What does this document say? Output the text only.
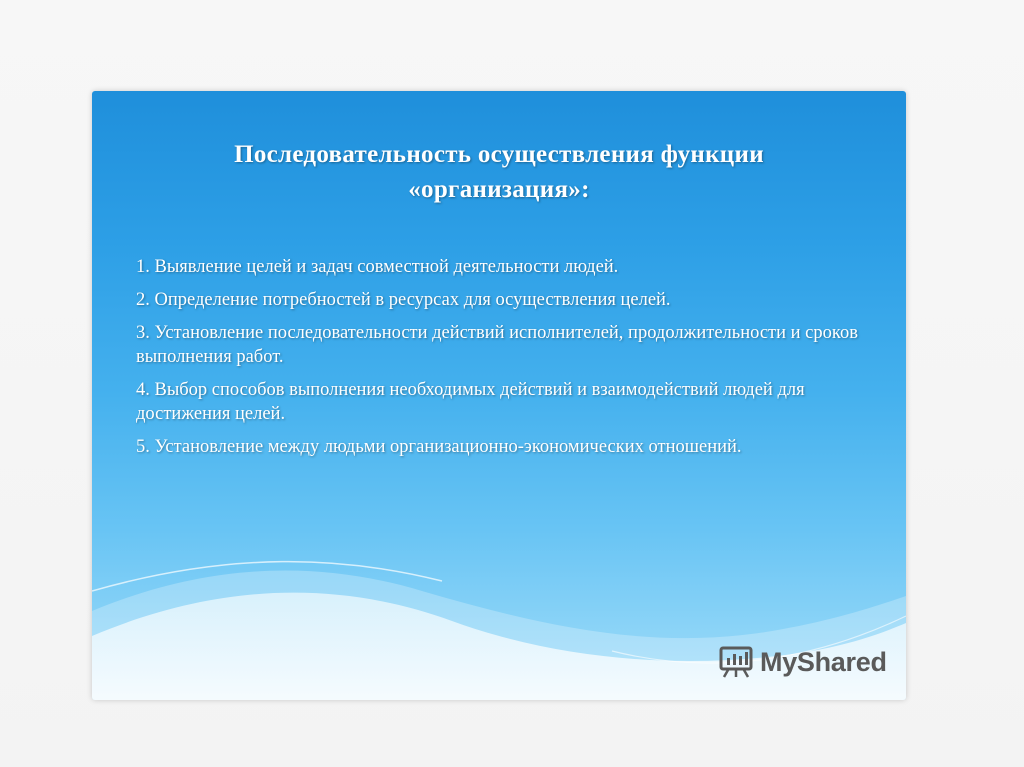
Последовательность осуществления функции
«организация»:
1. Выявление целей и задач совместной деятельности людей.
2. Определение потребностей в ресурсах для осуществления целей.
3. Установление последовательности действий исполнителей, продолжительности и сроков выполнения работ.
4. Выбор способов выполнения необходимых действий и взаимодействий людей для достижения целей.
5. Установление между людьми организационно-экономических отношений.
MyShared
